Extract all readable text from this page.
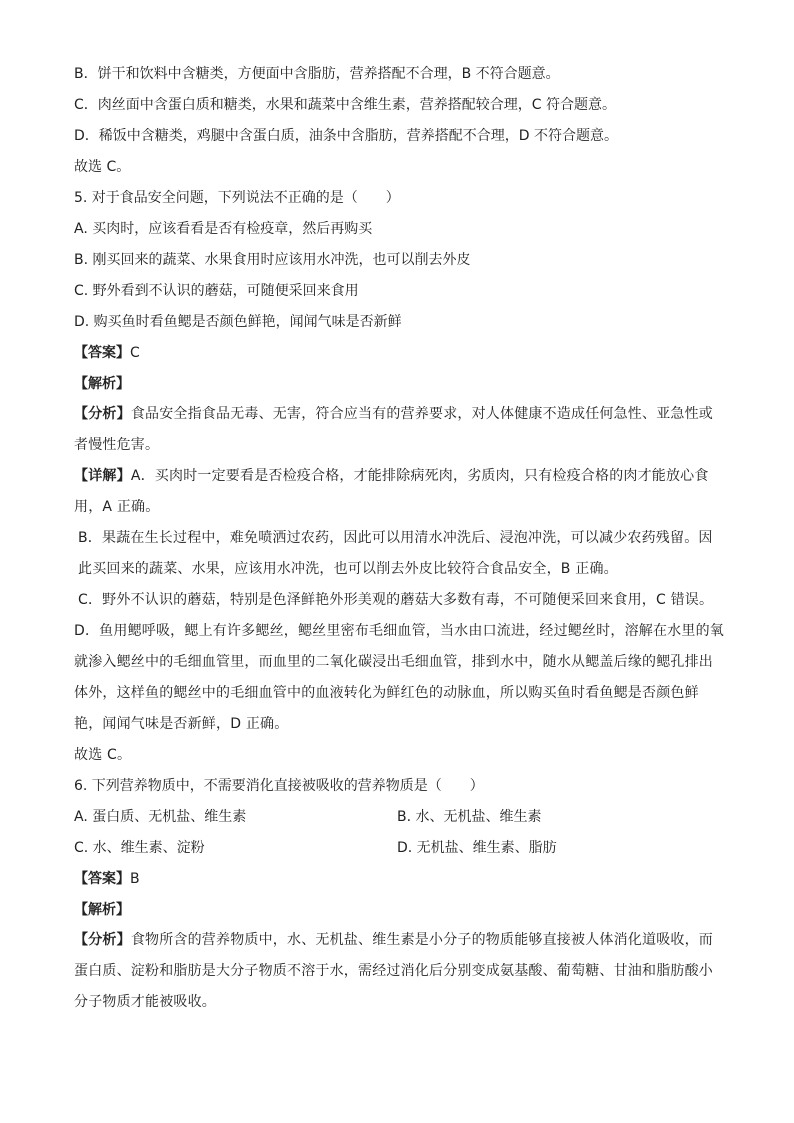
B．饼干和饮料中含糖类，方便面中含脂肪，营养搭配不合理，B 不符合题意。

C．肉丝面中含蛋白质和糖类，水果和蔬菜中含维生素，营养搭配较合理，C 符合题意。

D．稀饭中含糖类，鸡腿中含蛋白质，油条中含脂肪，营养搭配不合理，D 不符合题意。

故选 C。

5. 对于食品安全问题，下列说法不正确的是（　　）

A. 买肉时，应该看看是否有检疫章，然后再购买

B. 刚买回来的蔬菜、水果食用时应该用水冲洗，也可以削去外皮

C. 野外看到不认识的蘑菇，可随便采回来食用

D. 购买鱼时看鱼鳃是否颜色鲜艳，闻闻气味是否新鲜

【答案】C

【解析】

【分析】食品安全指食品无毒、无害，符合应当有的营养要求，对人体健康不造成任何急性、亚急性或者慢性危害。

【详解】A．买肉时一定要看是否检疫合格，才能排除病死肉，劣质肉，只有检疫合格的肉才能放心食用，A 正确。

B．果蔬在生长过程中，难免喷洒过农药，因此可以用清水冲洗后、浸泡冲洗，可以减少农药残留。因此买回来的蔬菜、水果，应该用水冲洗，也可以削去外皮比较符合食品安全，B 正确。

C．野外不认识的蘑菇，特别是色泽鲜艳外形美观的蘑菇大多数有毒，不可随便采回来食用，C 错误。

D．鱼用鳃呼吸，鳃上有许多鳃丝，鳃丝里密布毛细血管，当水由口流进，经过鳃丝时，溶解在水里的氧就渗入鳃丝中的毛细血管里，而血里的二氧化碳浸出毛细血管，排到水中，随水从鳃盖后缘的鳃孔排出体外，这样鱼的鳃丝中的毛细血管中的血液转化为鲜红色的动脉血，所以购买鱼时看鱼鳃是否颜色鲜艳，闻闻气味是否新鲜，D 正确。

故选 C。

6. 下列营养物质中，不需要消化直接被吸收的营养物质是（　　）

A. 蛋白质、无机盐、维生素	B. 水、无机盐、维生素
C. 水、维生素、淀粉	D. 无机盐、维生素、脂肪

【答案】B

【解析】

【分析】食物所含的营养物质中，水、无机盐、维生素是小分子的物质能够直接被人体消化道吸收，而蛋白质、淀粉和脂肪是大分子物质不溶于水，需经过消化后分别变成氨基酸、葡萄糖、甘油和脂肪酸小分子物质才能被吸收。
